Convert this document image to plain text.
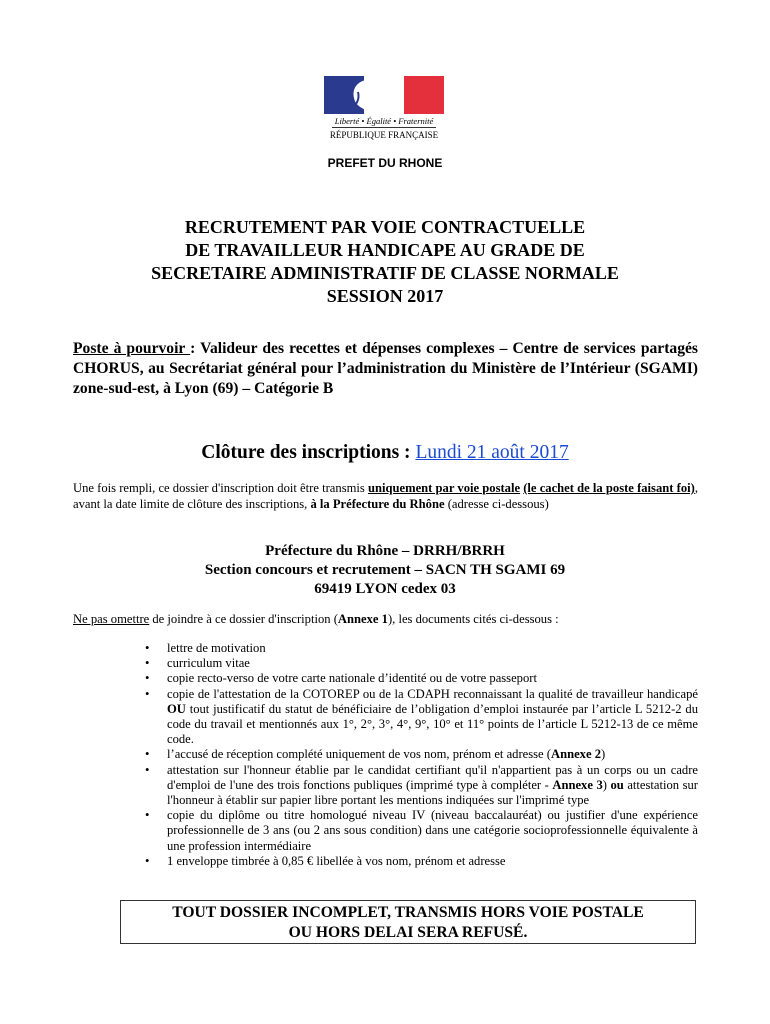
Liberté • Égalité • Fraternité
RÉPUBLIQUE FRANÇAISE
PREFET DU RHONE
RECRUTEMENT PAR VOIE CONTRACTUELLE
DE TRAVAILLEUR HANDICAPE AU GRADE DE
SECRETAIRE ADMINISTRATIF DE CLASSE NORMALE
SESSION 2017
Poste à pourvoir : Valideur des recettes et dépenses complexes – Centre de services partagés CHORUS, au Secrétariat général pour l’administration du Ministère de l’Intérieur (SGAMI) zone-sud-est, à Lyon (69) – Catégorie B
Clôture des inscriptions : Lundi 21 août 2017
Une fois rempli, ce dossier d'inscription doit être transmis uniquement par voie postale (le cachet de la poste faisant foi), avant la date limite de clôture des inscriptions, à la Préfecture du Rhône (adresse ci-dessous)
Préfecture du Rhône – DRRH/BRRH
Section concours et recrutement – SACN TH SGAMI 69
69419 LYON cedex 03
Ne pas omettre de joindre à ce dossier d'inscription (Annexe 1), les documents cités ci-dessous :
• lettre de motivation
• curriculum vitae
• copie recto-verso de votre carte nationale d’identité ou de votre passeport
• copie de l'attestation de la COTOREP ou de la CDAPH reconnaissant la qualité de travailleur handicapé OU tout justificatif du statut de bénéficiaire de l’obligation d’emploi instaurée par l’article L 5212-2 du code du travail et mentionnés aux 1°, 2°, 3°, 4°, 9°, 10° et 11° points de l’article L 5212-13 de ce même code.
• l’accusé de réception complété uniquement de vos nom, prénom et adresse (Annexe 2)
• attestation sur l'honneur établie par le candidat certifiant qu'il n'appartient pas à un corps ou un cadre d'emploi de l'une des trois fonctions publiques (imprimé type à compléter - Annexe 3) ou attestation sur l'honneur à établir sur papier libre portant les mentions indiquées sur l'imprimé type
• copie du diplôme ou titre homologué niveau IV (niveau baccalauréat) ou justifier d'une expérience professionnelle de 3 ans (ou 2 ans sous condition) dans une catégorie socioprofessionnelle équivalente à une profession intermédiaire
• 1 enveloppe timbrée à 0,85 € libellée à vos nom, prénom et adresse
TOUT DOSSIER INCOMPLET, TRANSMIS HORS VOIE POSTALE
OU HORS DELAI SERA REFUSÉ.
